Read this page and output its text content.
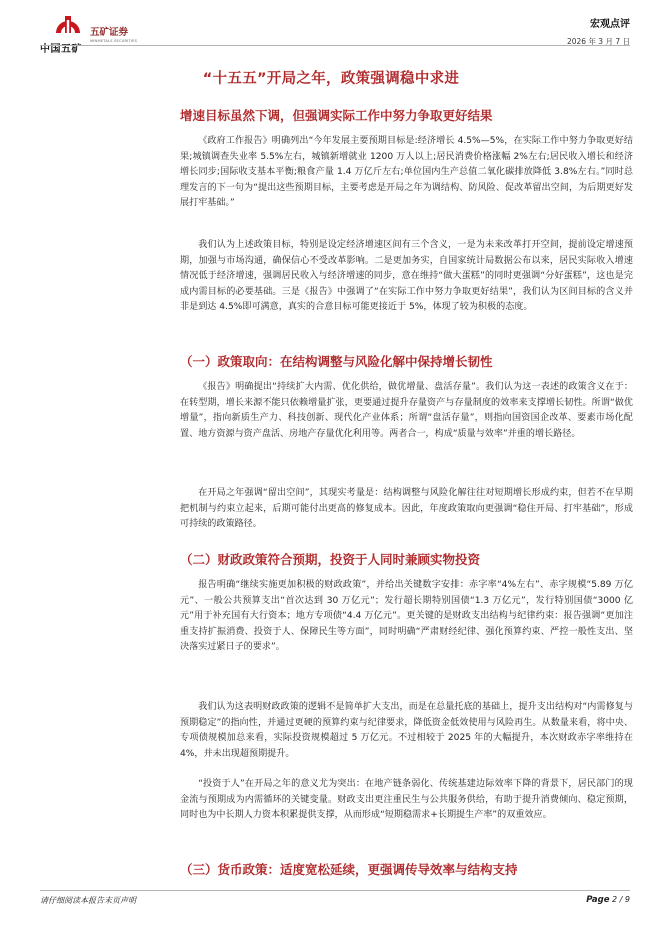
中国五矿
五矿证券
MINMETALS SECURITIES
宏观点评
2026 年 3 月 7 日
“十五五”开局之年，政策强调稳中求进
增速目标虽然下调，但强调实际工作中努力争取更好结果
《政府工作报告》明确列出“今年发展主要预期目标是:经济增长 4.5%—5%，在实际工作中努力争取更好结果;城镇调查失业率 5.5%左右，城镇新增就业 1200 万人以上;居民消费价格涨幅 2%左右;居民收入增长和经济增长同步;国际收支基本平衡;粮食产量 1.4 万亿斤左右;单位国内生产总值二氧化碳排放降低 3.8%左右。”同时总理发言的下一句为“提出这些预期目标，主要考虑是开局之年为调结构、防风险、促改革留出空间，为后期更好发展打牢基础。”
我们认为上述政策目标，特别是设定经济增速区间有三个含义，一是为未来改革打开空间，提前设定增速预期，加强与市场沟通，确保信心不受改革影响。二是更加务实，自国家统计局数据公布以来，居民实际收入增速情况低于经济增速，强调居民收入与经济增速的同步，意在维持“做大蛋糕”的同时更强调“分好蛋糕”，这也是完成内需目标的必要基础。三是《报告》中强调了“在实际工作中努力争取更好结果”，我们认为区间目标的含义并非是到达 4.5%即可满意，真实的合意目标可能更接近于 5%，体现了较为积极的态度。
（一）政策取向：在结构调整与风险化解中保持增长韧性
《报告》明确提出“持续扩大内需、优化供给，做优增量、盘活存量”。我们认为这一表述的政策含义在于：在转型期，增长来源不能只依赖增量扩张，更要通过提升存量资产与存量制度的效率来支撑增长韧性。所谓“做优增量”，指向新质生产力、科技创新、现代化产业体系；所谓“盘活存量”，则指向国资国企改革、要素市场化配置、地方资源与资产盘活、房地产存量优化利用等。两者合一，构成“质量与效率”并重的增长路径。
在开局之年强调“留出空间”，其现实考量是：结构调整与风险化解往往对短期增长形成约束，但若不在早期把机制与约束立起来，后期可能付出更高的修复成本。因此，年度政策取向更强调“稳住开局、打牢基础”，形成可持续的政策路径。
（二）财政政策符合预期，投资于人同时兼顾实物投资
报告明确“继续实施更加积极的财政政策”，并给出关键数字安排：赤字率“4%左右”、赤字规模“5.89 万亿元”、一般公共预算支出“首次达到 30 万亿元”；发行超长期特别国债“1.3 万亿元”，发行特别国债“3000 亿元”用于补充国有大行资本；地方专项债“4.4 万亿元”。更关键的是财政支出结构与纪律约束：报告强调“更加注重支持扩振消费、投资于人、保障民生等方面”，同时明确“严肃财经纪律、强化预算约束、严控一般性支出、坚决落实过紧日子的要求”。
我们认为这表明财政政策的逻辑不是简单扩大支出，而是在总量托底的基础上，提升支出结构对“内需修复与预期稳定”的指向性，并通过更硬的预算约束与纪律要求，降低资金低效使用与风险再生。从数量来看，将中央、专项债规模加总来看，实际投资规模超过 5 万亿元。不过相较于 2025 年的大幅提升，本次财政赤字率维持在 4%，并未出现超预期提升。
“投资于人”在开局之年的意义尤为突出：在地产链条弱化、传统基建边际效率下降的背景下，居民部门的现金流与预期成为内需循环的关键变量。财政支出更注重民生与公共服务供给，有助于提升消费倾向、稳定预期，同时也为中长期人力资本积累提供支撑，从而形成“短期稳需求+长期提生产率”的双重效应。
（三）货币政策：适度宽松延续，更强调传导效率与结构支持
请仔细阅读本报告末页声明	Page 2 / 9
